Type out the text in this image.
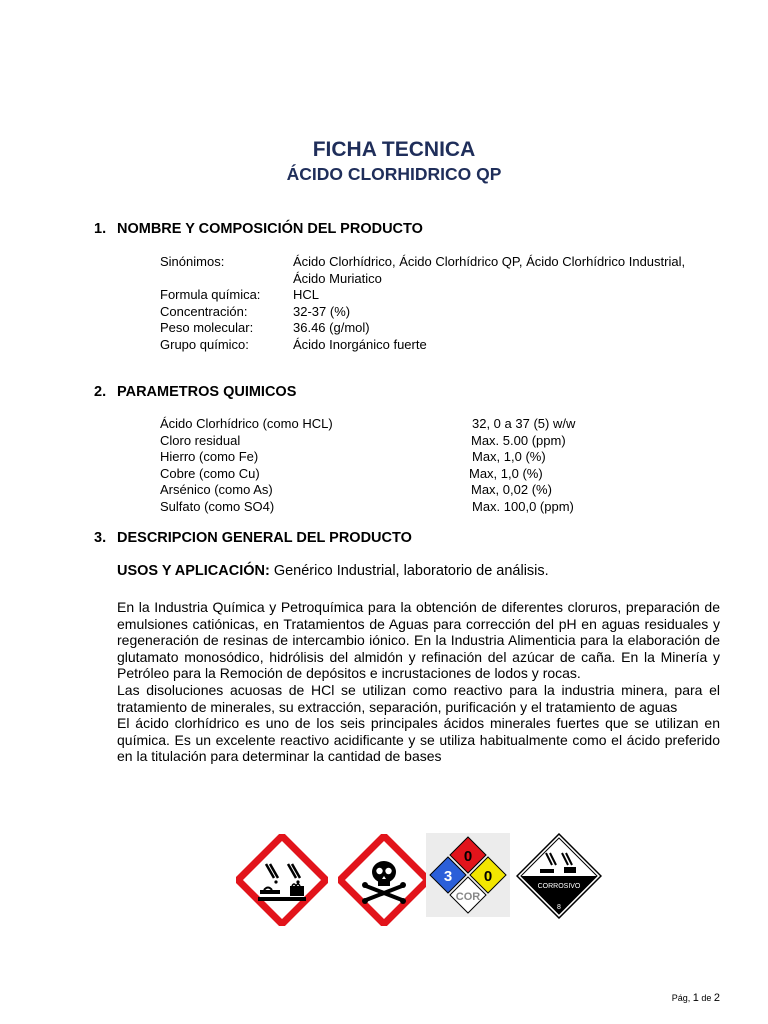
FICHA TECNICA
ÁCIDO CLORHIDRICO QP
1. NOMBRE Y COMPOSICIÓN DEL PRODUCTO
Sinónimos:	Ácido Clorhídrico, Ácido Clorhídrico QP, Ácido Clorhídrico Industrial,
Ácido Muriatico
Formula química:	HCL
Concentración:	32-37 (%)
Peso molecular:	36.46 (g/mol)
Grupo químico:	Ácido Inorgánico fuerte
2. PARAMETROS QUIMICOS
Ácido Clorhídrico (como HCL)	32, 0 a 37 (5) w/w
Cloro residual	Max. 5.00 (ppm)
Hierro (como Fe)	Max, 1,0 (%)
Cobre (como Cu)	Max, 1,0 (%)
Arsénico (como As)	Max, 0,02 (%)
Sulfato (como SO4)	Max. 100,0 (ppm)
3. DESCRIPCION GENERAL DEL PRODUCTO
USOS Y APLICACIÓN: Genérico Industrial, laboratorio de análisis.

En la Industria Química y Petroquímica para la obtención de diferentes cloruros, preparación de emulsiones catiónicas, en Tratamientos de Aguas para corrección del pH en aguas residuales y regeneración de resinas de intercambio iónico. En la Industria Alimenticia para la elaboración de glutamato monosódico, hidrólisis del almidón y refinación del azúcar de caña. En la Minería y Petróleo para la Remoción de depósitos e incrustaciones de lodos y rocas.

Las disoluciones acuosas de HCl se utilizan como reactivo para la industria minera, para el tratamiento de minerales, su extracción, separación, purificación y el tratamiento de aguas

El ácido clorhídrico es uno de los seis principales ácidos minerales fuertes que se utilizan en química. Es un excelente reactivo acidificante y se utiliza habitualmente como el ácido preferido en la titulación para determinar la cantidad de bases

0
3 0
COR
CORROSIVO
8
Pág, 1 de 2
